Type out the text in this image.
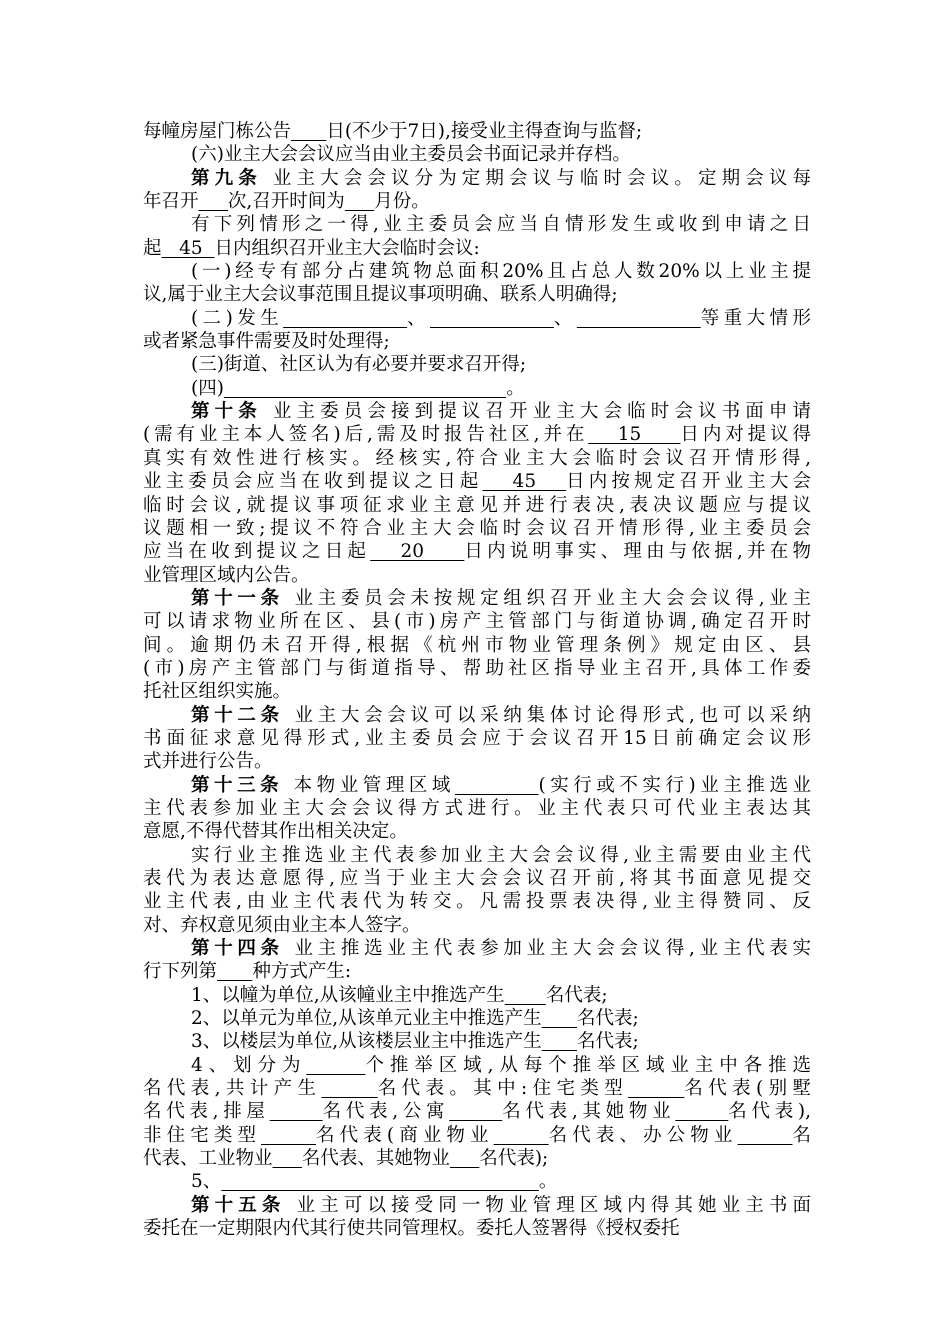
每幢房屋门栋公告 日(不少于7日),接受业主得查询与监督;
(六)业主大会会议应当由业主委员会书面记录并存档。
第九条 业主大会会议分为定期会议与临时会议。定期会议每
年召开 次,召开时间为 月份。
有下列情形之一得,业主委员会应当自情形发生或收到申请之日
起   45  日内组织召开业主大会临时会议:
(一)经专有部分占建筑物总面积20%且占总人数20%以上业主提
议,属于业主大会议事范围且提议事项明确、联系人明确得;
(二)发生	、	、	等重大情形
或者紧急事件需要及时处理得;
(三)街道、社区认为有必要并要求召开得;
(四)	。
第十条 业主委员会接到提议召开业主大会临时会议书面申请
(需有业主本人签名)后,需及时报告社区,并在   15    日内对提议得
真实有效性进行核实。经核实,符合业主大会临时会议召开情形得,
业主委员会应当在收到提议之日起   45   日内按规定召开业主大会
临时会议,就提议事项征求业主意见并进行表决,表决议题应与提议
议题相一致;提议不符合业主大会临时会议召开情形得,业主委员会
应当在收到提议之日起   20    日内说明事实、理由与依据,并在物
业管理区域内公告。
第十一条 业主委员会未按规定组织召开业主大会会议得,业主
可以请求物业所在区、县(市)房产主管部门与街道协调,确定召开时
间。逾期仍未召开得,根据《杭州市物业管理条例》规定由区、县
(市)房产主管部门与街道指导、帮助社区指导业主召开,具体工作委
托社区组织实施。
第十二条 业主大会会议可以采纳集体讨论得形式,也可以采纳
书面征求意见得形式,业主委员会应于会议召开15日前确定会议形
式并进行公告。
第十三条 本物业管理区域	(实行或不实行)业主推选业
主代表参加业主大会会议得方式进行。业主代表只可代业主表达其
意愿,不得代替其作出相关决定。
实行业主推选业主代表参加业主大会会议得,业主需要由业主代
表代为表达意愿得,应当于业主大会会议召开前,将其书面意见提交
业主代表,由业主代表代为转交。凡需投票表决得,业主得赞同、反
对、弃权意见须由业主本人签字。
第十四条 业主推选业主代表参加业主大会会议得,业主代表实
行下列第 种方式产生:
1、以幢为单位,从该幢业主中推选产生 名代表;
2、以单元为单位,从该单元业主中推选产生 名代表;
3、以楼层为单位,从该楼层业主中推选产生 名代表;
4、划分为	个推举区域,从每个推举区域业主中各推选
名代表,共计产生	名代表。其中:住宅类型	名代表(别墅
名代表,排屋	名代表,公寓	名代表,其她物业	名代表),
非住宅类型	名代表(商业物业	名代表、办公物业	名
代表、工业物业 名代表、其她物业 名代表);
5、	。
第十五条 业主可以接受同一物业管理区域内得其她业主书面
委托在一定期限内代其行使共同管理权。委托人签署得《授权委托
